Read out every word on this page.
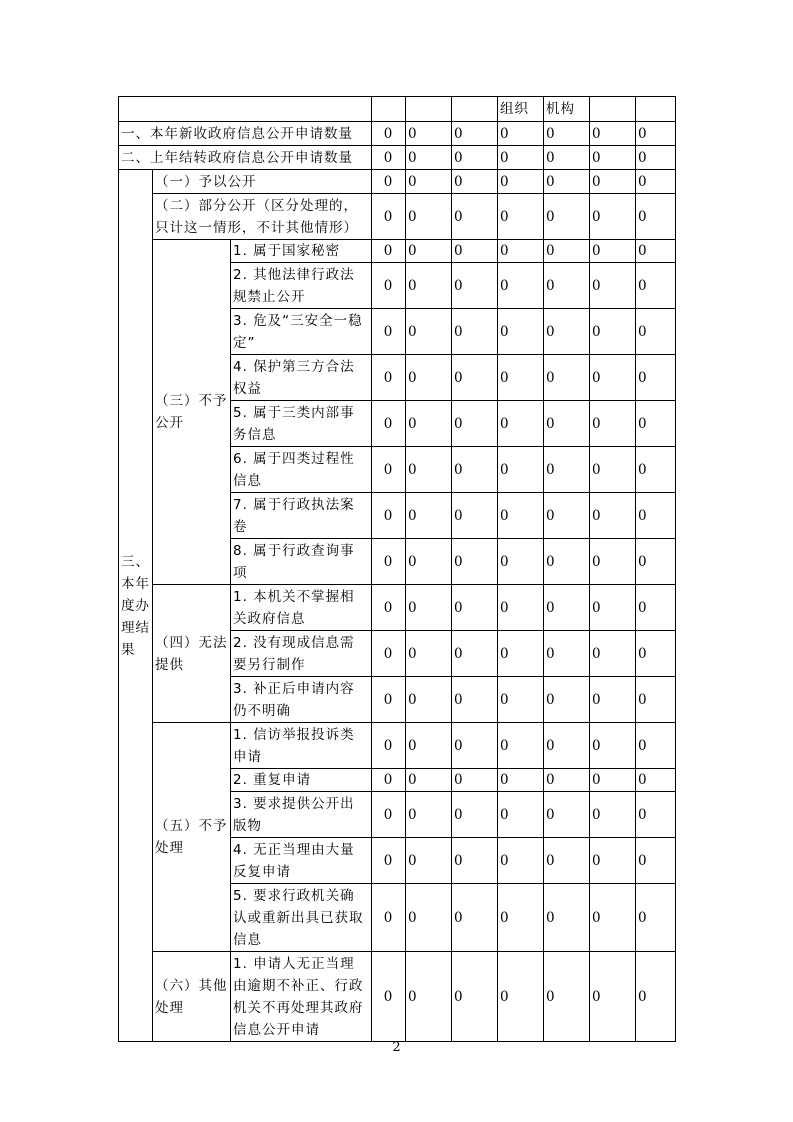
						组织	机构		
一、本年新收政府信息公开申请数量			0	0	0	0	0	0	0
二、上年结转政府信息公开申请数量			0	0	0	0	0	0	0
三、本年度办理结果	（一）予以公开		0	0	0	0	0	0	0
	（二）部分公开（区分处理的，只计这一情形，不计其他情形）		0	0	0	0	0	0	0
	（三）不予公开	1. 属于国家秘密	0	0	0	0	0	0	0
		2. 其他法律行政法规禁止公开	0	0	0	0	0	0	0
		3. 危及“三安全一稳定”	0	0	0	0	0	0	0
		4. 保护第三方合法权益	0	0	0	0	0	0	0
		5. 属于三类内部事务信息	0	0	0	0	0	0	0
		6. 属于四类过程性信息	0	0	0	0	0	0	0
		7. 属于行政执法案卷	0	0	0	0	0	0	0
		8. 属于行政查询事项	0	0	0	0	0	0	0
	（四）无法提供	1. 本机关不掌握相关政府信息	0	0	0	0	0	0	0
		2. 没有现成信息需要另行制作	0	0	0	0	0	0	0
		3. 补正后申请内容仍不明确	0	0	0	0	0	0	0
	（五）不予处理	1. 信访举报投诉类申请	0	0	0	0	0	0	0
		2. 重复申请	0	0	0	0	0	0	0
		3. 要求提供公开出版物	0	0	0	0	0	0	0
		4. 无正当理由大量反复申请	0	0	0	0	0	0	0
		5. 要求行政机关确认或重新出具已获取信息	0	0	0	0	0	0	0
	（六）其他处理	1. 申请人无正当理由逾期不补正、行政机关不再处理其政府信息公开申请	0	0	0	0	0	0	0
2
